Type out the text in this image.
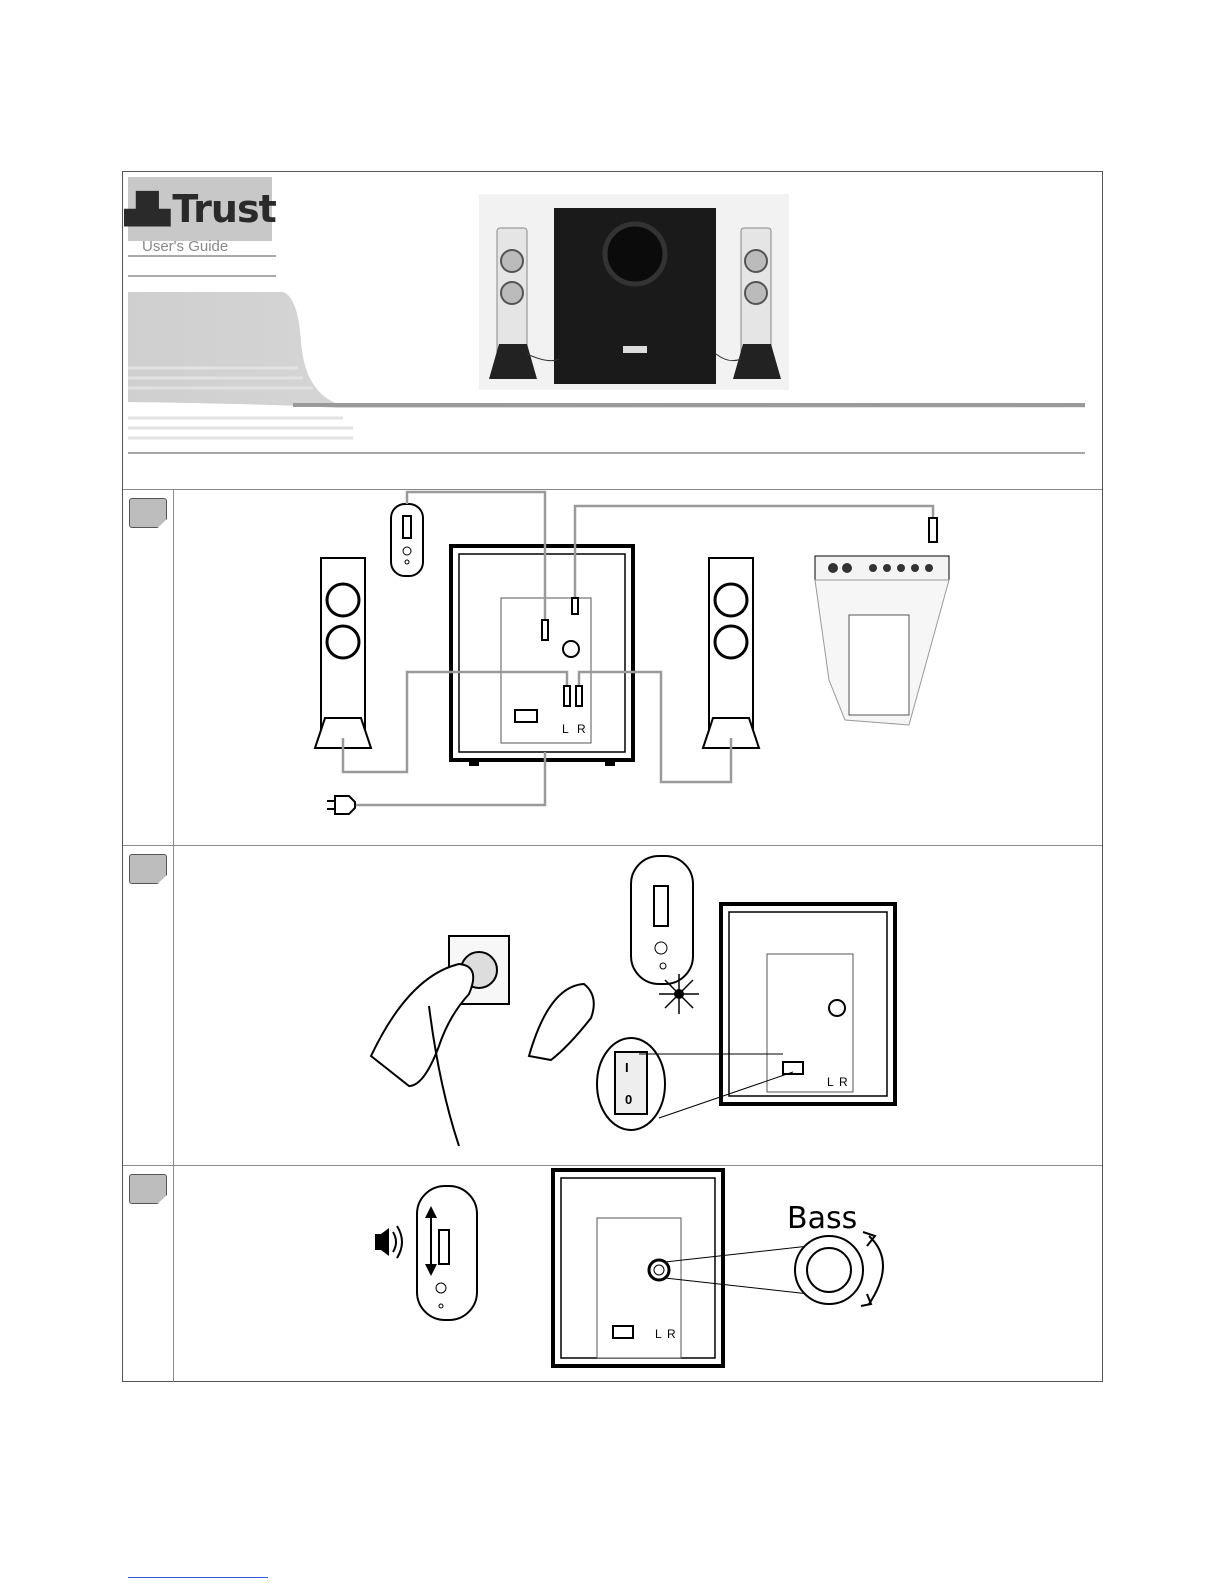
▟▙ Trust
User's Guide
L R
I
0
L R
L R
Bass
